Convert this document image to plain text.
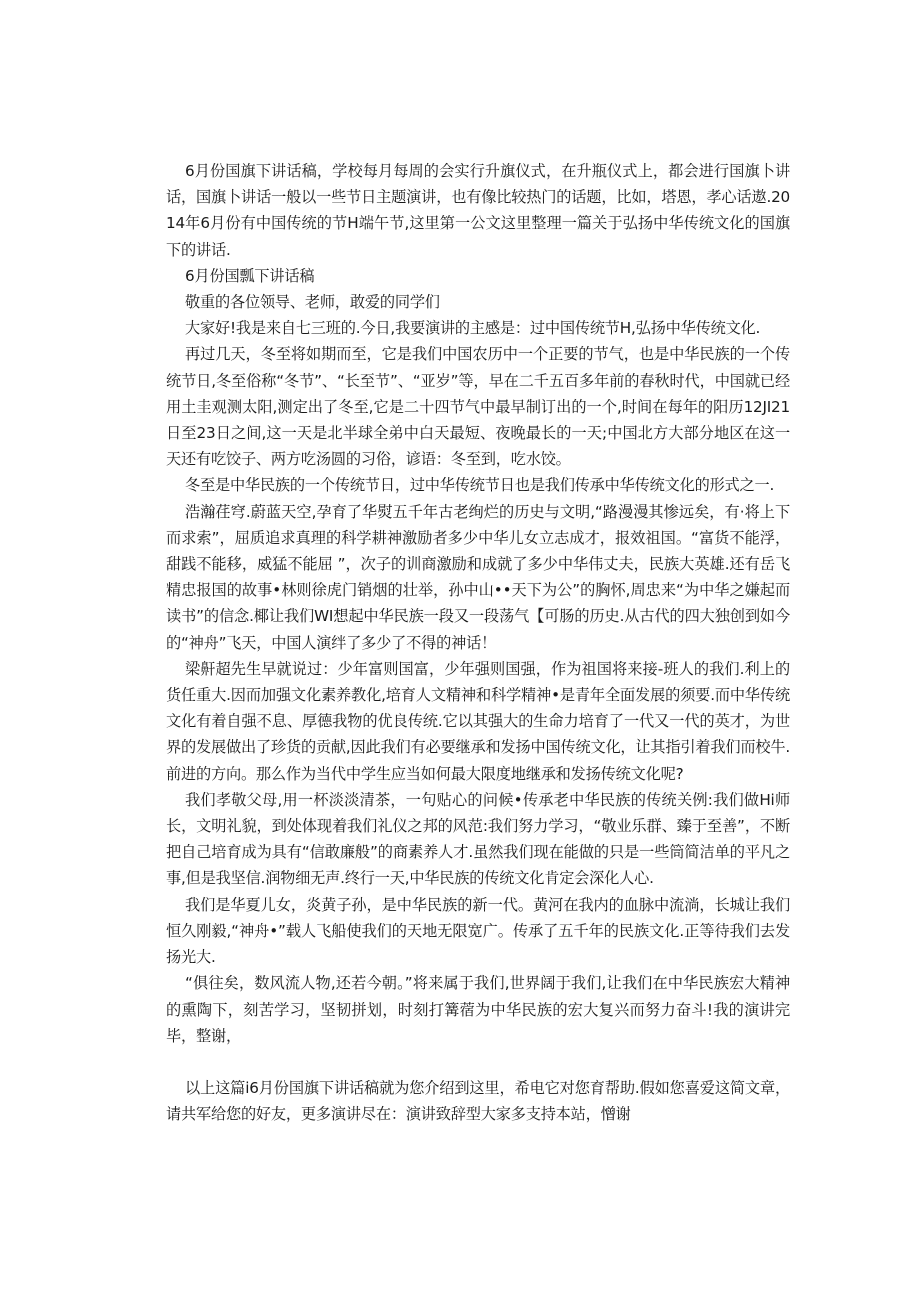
6月份国旗下讲话稿，学校每月每周的会实行升旗仪式，在升瓶仪式上，都会进行国旗卜讲话，国旗卜讲话一般以一些节日主题演讲，也有像比较热门的话题，比如，塔恩，孝心话遨.2014年6月份有中国传统的节H端午节,这里第一公文这里整理一篇关于弘扬中华传统文化的国旗下的讲话.

6月份国瓢下讲话稿

敬重的各位领导、老师，敢爱的同学们

大家好!我是来自七三班的.今日,我要演讲的主感是：过中国传统节H,弘扬中华传统文化.

再过几天，冬至将如期而至，它是我们中国农历中一个正要的节气，也是中华民族的一个传统节日,冬至俗称“冬节”、“长至节”、“亚岁”等，早在二千五百多年前的春秋时代，中国就已经用土圭观测太阳,测定出了冬至,它是二十四节气中最早制订出的一个,时间在每年的阳历12JI21日至23日之间,这一天是北半球全弟中白天最短、夜晚最长的一天;中国北方大部分地区在这一天还有吃饺子、两方吃汤圆的习俗，谚语：冬至到，吃水饺。

冬至是中华民族的一个传统节日，过中华传统节日也是我们传承中华传统文化的形式之一.

浩瀚荏穹.蔚蓝天空,孕育了华熨五千年古老绚烂的历史与文明,“路漫漫其惨远矣，有·将上下而求索”，屈质追求真理的科学耕神激励者多少中华儿女立志成才，报效祖国。“富货不能浮，甜践不能移，威猛不能屈 ”，次子的训商激励和成就了多少中华伟丈夫，民族大英雄.还有岳飞精忠报国的故事•林则徐虎门销烟的壮举，孙中山••天下为公”的胸怀,周忠来“为中华之嫌起而读书”的信念.椰让我们WI想起中华民族一段又一段荡气【可肠的历史.从古代的四大独创到如今的“神舟”飞天，中国人演绊了多少了不得的神话！

梁鼾超先生早就说过：少年富则国富，少年强则国强，作为祖国将来接-班人的我们.利上的货任重大.因而加强文化素养教化,培育人文精神和科学精神•是青年全面发展的须要.而中华传统文化有着自强不息、厚德我物的优良传统.它以其强大的生命力培育了一代又一代的英才，为世界的发展做出了珍货的贡献,因此我们有必要继承和发扬中国传统文化，让其指引着我们而校牛.前进的方向。那么作为当代中学生应当如何最大限度地继承和发扬传统文化呢?

我们孝敬父母,用一杯淡淡清茶，一句贴心的问候•传承老中华民族的传统关例:我们做Hi师长，文明礼貌，到处体现着我们礼仪之邦的风范:我们努力学习，“敬业乐群、臻于至善”，不断把自己培育成为具有“信敢廉般”的商素养人才.虽然我们现在能做的只是一些筒简洁单的平凡之事,但是我坚信.润物细无声.终行一天,中华民族的传统文化肯定会深化人心.

我们是华夏儿女，炎黄子孙，是中华民族的新一代。黄河在我内的血脉中流淌，长城让我们恒久刚毅,“神舟•”载人飞船使我们的天地无限宽广。传承了五千年的民族文化.正等待我们去发扬光大.

“俱往矣，数风流人物,还若今朝。”将来属于我们,世界阔于我们,让我们在中华民族宏大精神的熏陶下，刻苦学习，坚韧拼划，时刻打篝蓿为中华民族的宏大复兴而努力奋斗!我的演讲完毕，整谢，

以上这篇i6月份国旗下讲话稿就为您介绍到这里，希电它对您育帮助.假如您喜爱这简文章，请共军给您的好友，更多演讲尽在：演讲致辞型大家多支持本站，憎谢
